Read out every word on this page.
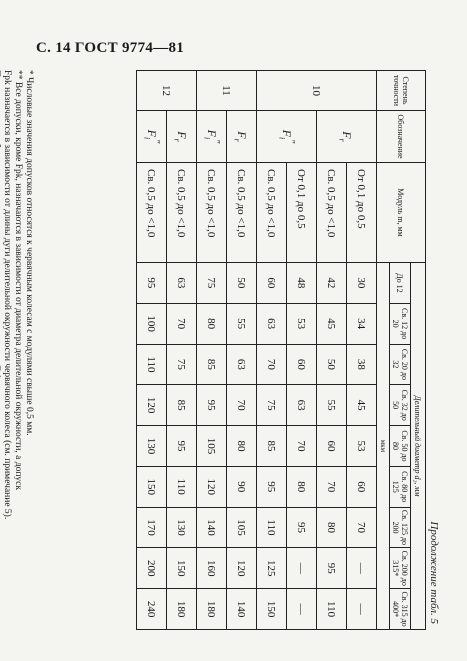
С. 14 ГОСТ 9774—81
Продолжение табл. 5
Степень точности	Обозначение	Модуль m, мм	Делительный диаметр d₂, мм								
			До 12	Св. 12 до 20	Св. 20 до 32	Св. 32 до 50	Св. 50 до 80	Св. 80 до 125	Св. 125 до 200	Св. 200 до 315*	Св. 315 до 400*
			мкм								
10	$F_r$	От 0,1 до 0,5	30	34	38	45	53	60	70	—	—
		Св. 0,5 до <1,0	42	45	50	55	60	70	80	95	110
	$F_i^"$	От 0,1 до 0,5	48	53	60	63	70	80	95	—	—
		Св. 0,5 до <1,0	60	63	70	75	85	95	110	125	150
11	$F_r$	Св. 0,5 до <1,0	50	55	63	70	80	90	105	120	140
	$F_i^"$	Св. 0,5 до <1,0	75	80	85	95	105	120	140	160	180
12	$F_r$	Св. 0,5 до <1,0	63	70	75	85	95	110	130	150	180
	$F_i^"$	Св. 0,5 до <1,0	95	100	110	120	130	150	170	200	240

* Числовые значения допусков относятся к червячным колесам с модулями свыше 0,5 мм.

** Все допуски, кроме Fpk, назначаются в зависимости от диаметра делительной окружности, а допуск

Fpk назначается в зависимости от длины дуги делительной окружности червячного колеса (см. примечание 5).
